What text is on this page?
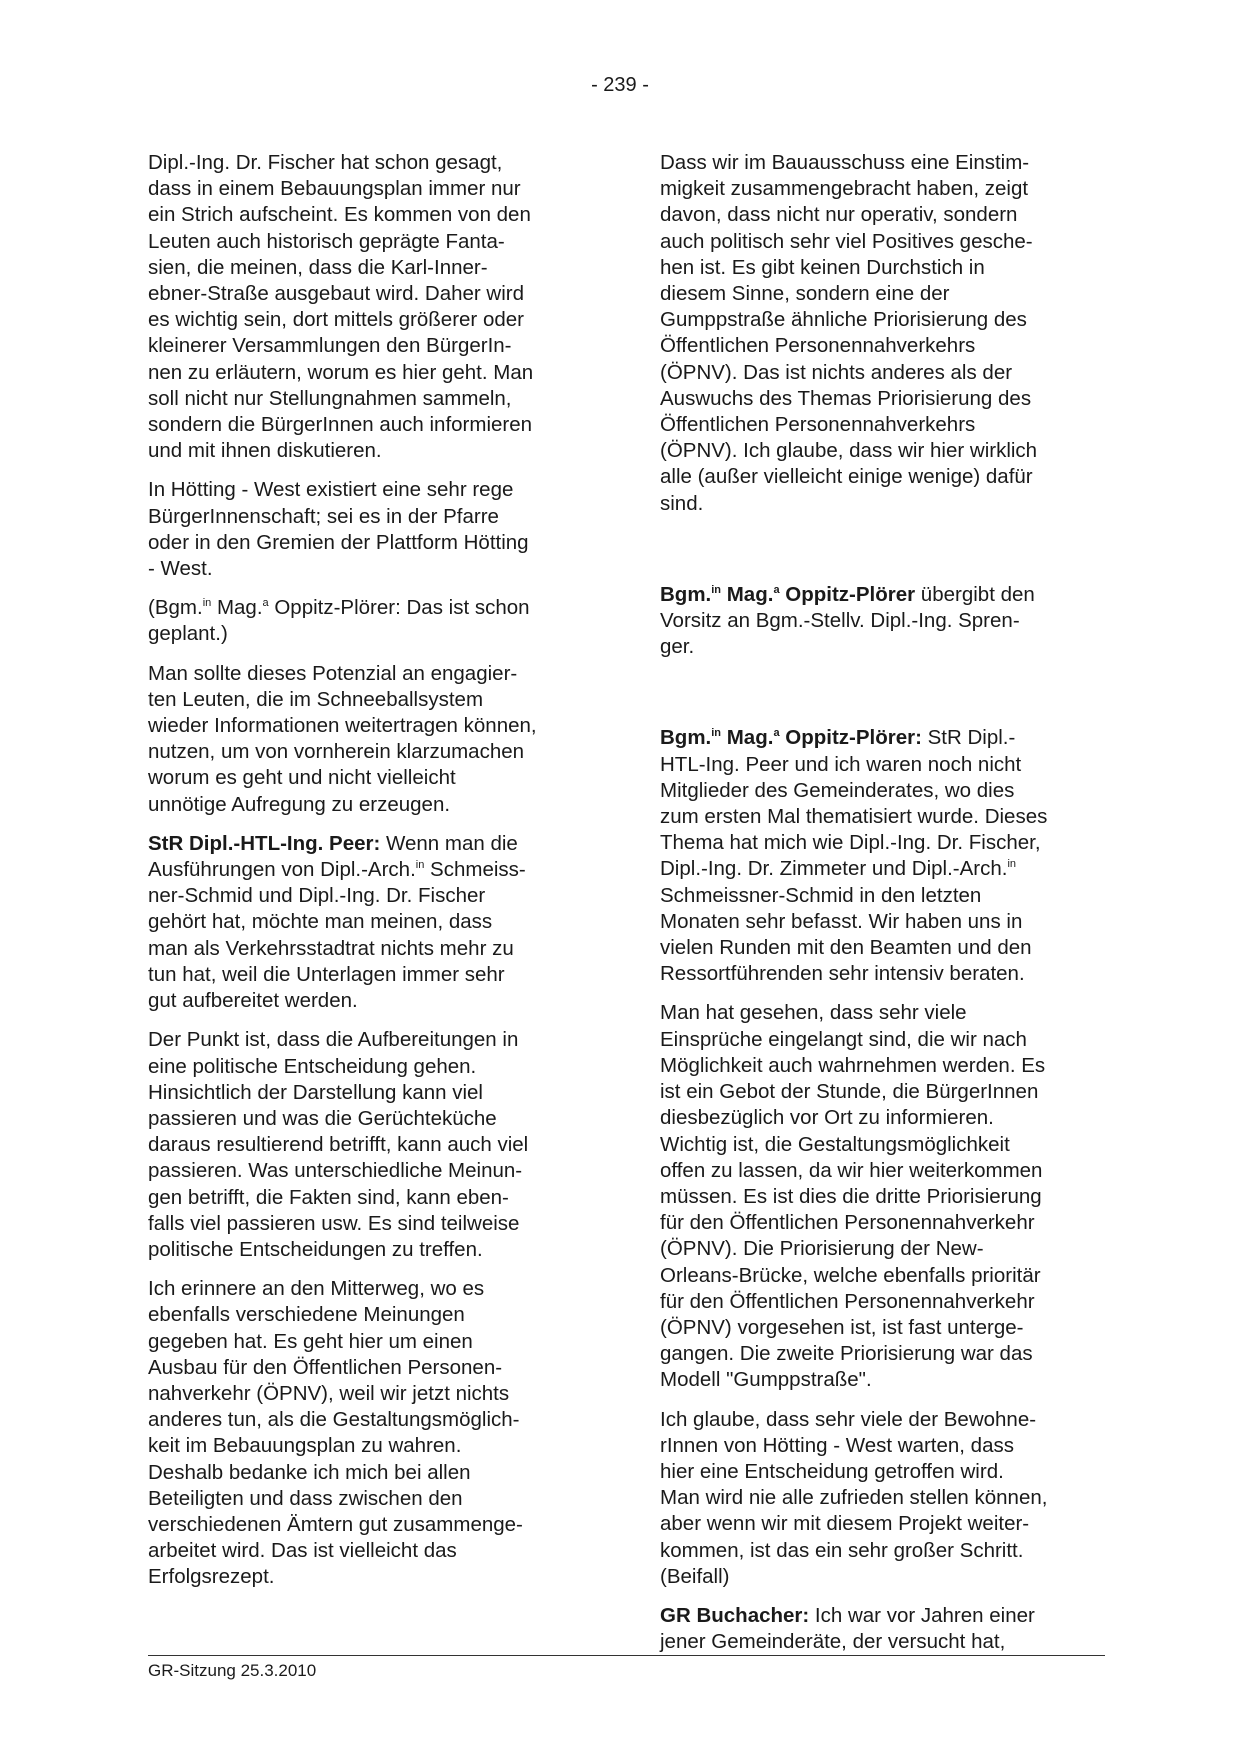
- 239 -

Dipl.-Ing. Dr. Fischer hat schon gesagt,
dass in einem Bebauungsplan immer nur
ein Strich aufscheint. Es kommen von den
Leuten auch historisch geprägte Fanta-
sien, die meinen, dass die Karl-Inner-
ebner-Straße ausgebaut wird. Daher wird
es wichtig sein, dort mittels größerer oder
kleinerer Versammlungen den BürgerIn-
nen zu erläutern, worum es hier geht. Man
soll nicht nur Stellungnahmen sammeln,
sondern die BürgerInnen auch informieren
und mit ihnen diskutieren.

In Hötting - West existiert eine sehr rege
BürgerInnenschaft; sei es in der Pfarre
oder in den Gremien der Plattform Hötting
- West.

(Bgm.$^{in}$ Mag.$^a$ Oppitz-Plörer: Das ist schon
geplant.)

Man sollte dieses Potenzial an engagier-
ten Leuten, die im Schneeballsystem
wieder Informationen weitertragen können,
nutzen, um von vornherein klarzumachen
worum es geht und nicht vielleicht
unnötige Aufregung zu erzeugen.

StR Dipl.-HTL-Ing. Peer: Wenn man die
Ausführungen von Dipl.-Arch.$^{in}$ Schmeiss-
ner-Schmid und Dipl.-Ing. Dr. Fischer
gehört hat, möchte man meinen, dass
man als Verkehrsstadtrat nichts mehr zu
tun hat, weil die Unterlagen immer sehr
gut aufbereitet werden.

Der Punkt ist, dass die Aufbereitungen in
eine politische Entscheidung gehen.
Hinsichtlich der Darstellung kann viel
passieren und was die Gerüchteküche
daraus resultierend betrifft, kann auch viel
passieren. Was unterschiedliche Meinun-
gen betrifft, die Fakten sind, kann eben-
falls viel passieren usw. Es sind teilweise
politische Entscheidungen zu treffen.

Ich erinnere an den Mitterweg, wo es
ebenfalls verschiedene Meinungen
gegeben hat. Es geht hier um einen
Ausbau für den Öffentlichen Personen-
nahverkehr (ÖPNV), weil wir jetzt nichts
anderes tun, als die Gestaltungsmöglich-
keit im Bebauungsplan zu wahren.
Deshalb bedanke ich mich bei allen
Beteiligten und dass zwischen den
verschiedenen Ämtern gut zusammenge-
arbeitet wird. Das ist vielleicht das
Erfolgsrezept.

Dass wir im Bauausschuss eine Einstim-
migkeit zusammengebracht haben, zeigt
davon, dass nicht nur operativ, sondern
auch politisch sehr viel Positives gesche-
hen ist. Es gibt keinen Durchstich in
diesem Sinne, sondern eine der
Gumppstraße ähnliche Priorisierung des
Öffentlichen Personennahverkehrs
(ÖPNV). Das ist nichts anderes als der
Auswuchs des Themas Priorisierung des
Öffentlichen Personennahverkehrs
(ÖPNV). Ich glaube, dass wir hier wirklich
alle (außer vielleicht einige wenige) dafür
sind.

Bgm.$^{in}$ Mag.$^a$ Oppitz-Plörer übergibt den
Vorsitz an Bgm.-Stellv. Dipl.-Ing. Spren-
ger.

Bgm.$^{in}$ Mag.$^a$ Oppitz-Plörer: StR Dipl.-
HTL-Ing. Peer und ich waren noch nicht
Mitglieder des Gemeinderates, wo dies
zum ersten Mal thematisiert wurde. Dieses
Thema hat mich wie Dipl.-Ing. Dr. Fischer,
Dipl.-Ing. Dr. Zimmeter und Dipl.-Arch.$^{in}$
Schmeissner-Schmid in den letzten
Monaten sehr befasst. Wir haben uns in
vielen Runden mit den Beamten und den
Ressortführenden sehr intensiv beraten.

Man hat gesehen, dass sehr viele
Einsprüche eingelangt sind, die wir nach
Möglichkeit auch wahrnehmen werden. Es
ist ein Gebot der Stunde, die BürgerInnen
diesbezüglich vor Ort zu informieren.
Wichtig ist, die Gestaltungsmöglichkeit
offen zu lassen, da wir hier weiterkommen
müssen. Es ist dies die dritte Priorisierung
für den Öffentlichen Personennahverkehr
(ÖPNV). Die Priorisierung der New-
Orleans-Brücke, welche ebenfalls prioritär
für den Öffentlichen Personennahverkehr
(ÖPNV) vorgesehen ist, ist fast unterge-
gangen. Die zweite Priorisierung war das
Modell "Gumppstraße".

Ich glaube, dass sehr viele der Bewohne-
rInnen von Hötting - West warten, dass
hier eine Entscheidung getroffen wird.
Man wird nie alle zufrieden stellen können,
aber wenn wir mit diesem Projekt weiter-
kommen, ist das ein sehr großer Schritt.
(Beifall)

GR Buchacher: Ich war vor Jahren einer
jener Gemeinderäte, der versucht hat,

GR-Sitzung 25.3.2010
